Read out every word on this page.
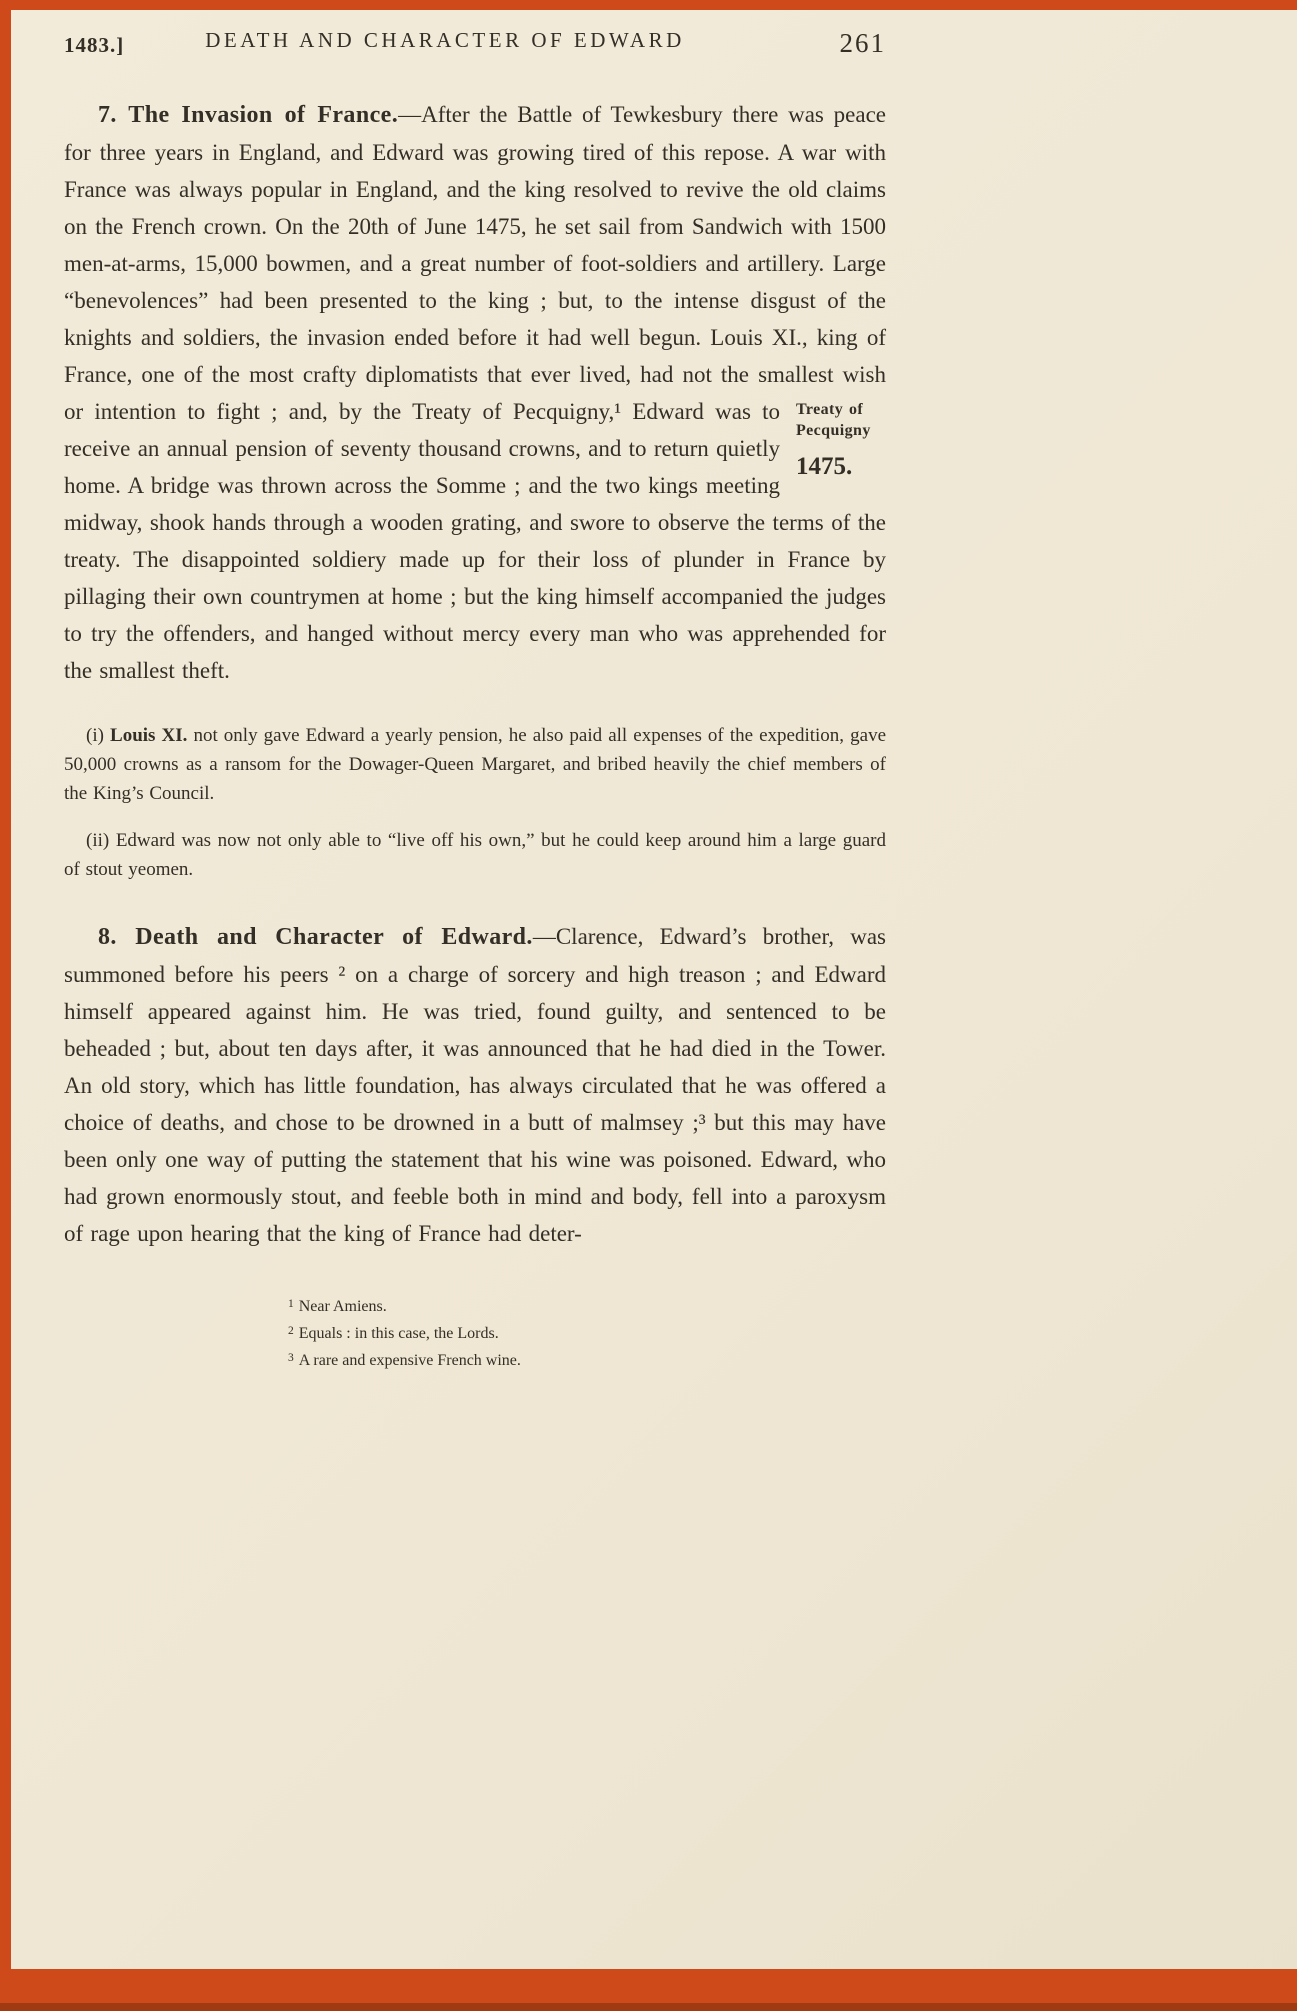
1483.]	DEATH AND CHARACTER OF EDWARD	261

7. The Invasion of France.—After the Battle of Tewkesbury there was peace for three years in England, and Edward was growing tired of this repose. A war with France was always popular in England, and the king resolved to revive the old claims on the French crown. On the 20th of June 1475, he set sail from Sandwich with 1500 men-at-arms, 15,000 bowmen, and a great number of foot-soldiers and artillery. Large “benevolences” had been presented to the king ; but, to the intense disgust of the knights and soldiers, the invasion ended before it had well begun. Louis XI., king of France, one of the most crafty diplomatists that ever lived, had not the smallest wish or intention to fight ; and, by the Treaty of	Treaty of
Pecquigny
1475.
Pecquigny,¹ Edward was to receive an annual pension of seventy thousand crowns, and to return quietly home. A bridge was thrown across the Somme ; and the two kings meeting midway, shook hands through a wooden grating, and swore to observe the terms of the treaty. The disappointed soldiery made up for their loss of plunder in France by pillaging their own countrymen at home ; but the king himself accompanied the judges to try the offenders, and hanged without mercy every man who was apprehended for the smallest theft.

(i) Louis XI. not only gave Edward a yearly pension, he also paid all expenses of the expedition, gave 50,000 crowns as a ransom for the Dowager-Queen Margaret, and bribed heavily the chief members of the King’s Council.

(ii) Edward was now not only able to “live off his own,” but he could keep around him a large guard of stout yeomen.

8. Death and Character of Edward.—Clarence, Edward’s brother, was summoned before his peers ² on a charge of sorcery and high treason ; and Edward himself appeared against him. He was tried, found guilty, and sentenced to be beheaded ; but, about ten days after, it was announced that he had died in the Tower. An old story, which has little foundation, has always circulated that he was offered a choice of deaths, and chose to be drowned in a butt of malmsey ;³ but this may have been only one way of putting the statement that his wine was poisoned. Edward, who had grown enormously stout, and feeble both in mind and body, fell into a paroxysm of rage upon hearing that the king of France had deter-

1 Near Amiens.
2 Equals : in this case, the Lords.
3 A rare and expensive French wine.
